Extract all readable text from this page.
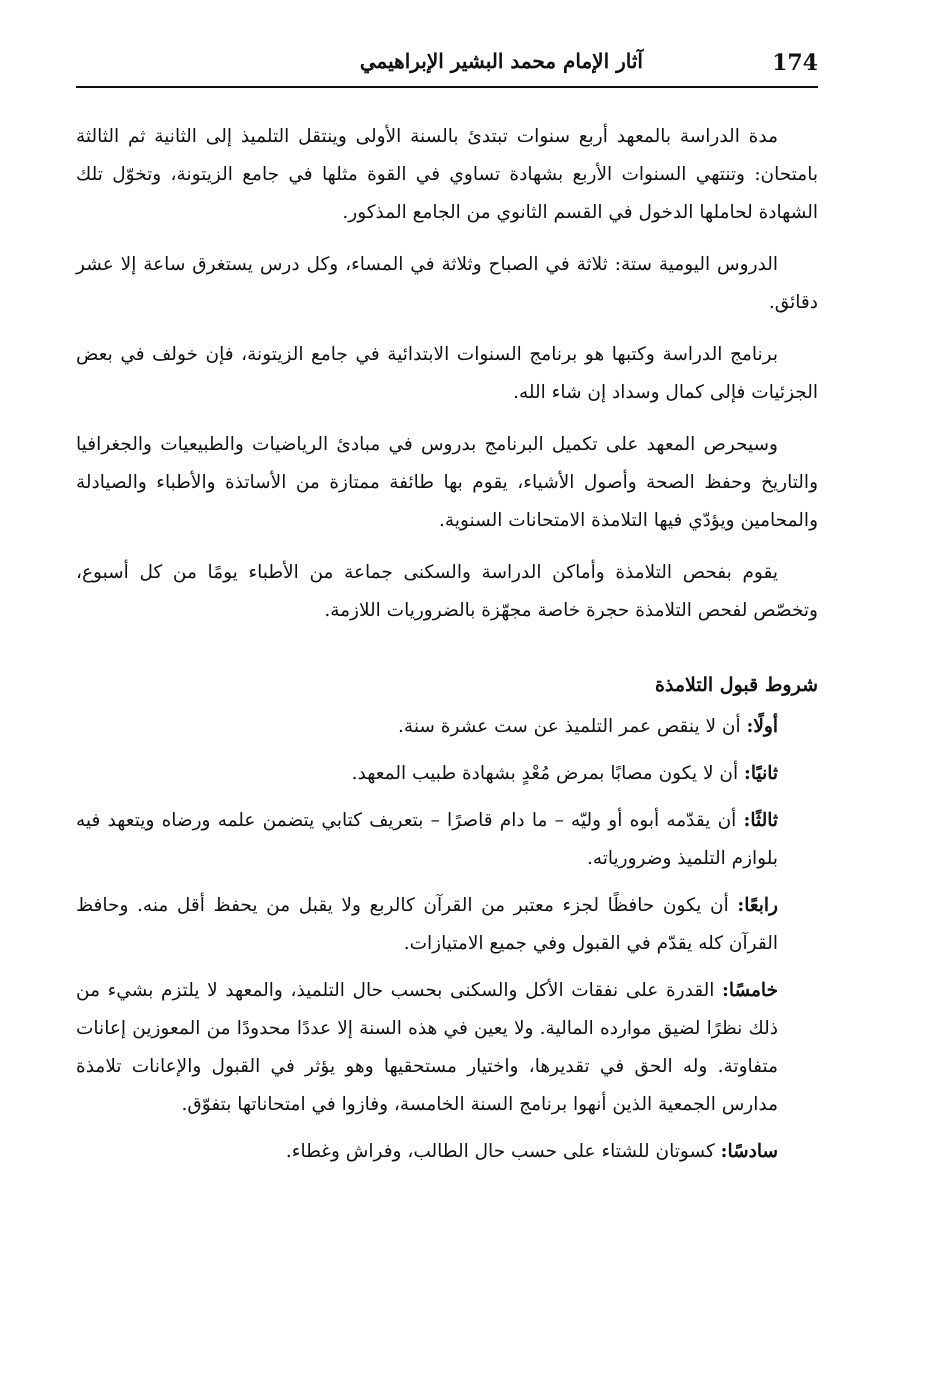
174
آثار الإمام محمد البشير الإبراهيمي

مدة الدراسة بالمعهد أربع سنوات تبتدئ بالسنة الأولى وينتقل التلميذ إلى الثانية ثم الثالثة بامتحان: وتنتهي السنوات الأربع بشهادة تساوي في القوة مثلها في جامع الزيتونة، وتخوّل تلك الشهادة لحاملها الدخول في القسم الثانوي من الجامع المذكور.

الدروس اليومية ستة: ثلاثة في الصباح وثلاثة في المساء، وكل درس يستغرق ساعة إلا عشر دقائق.

برنامج الدراسة وكتبها هو برنامج السنوات الابتدائية في جامع الزيتونة، فإن خولف في بعض الجزئيات فإلى كمال وسداد إن شاء الله.

وسيحرص المعهد على تكميل البرنامج بدروس في مبادئ الرياضيات والطبيعيات والجغرافيا والتاريخ وحفظ الصحة وأصول الأشياء، يقوم بها طائفة ممتازة من الأساتذة والأطباء والصيادلة والمحامين ويؤدّي فيها التلامذة الامتحانات السنوية.

يقوم بفحص التلامذة وأماكن الدراسة والسكنى جماعة من الأطباء يومًا من كل أسبوع، وتخصّص لفحص التلامذة حجرة خاصة مجهّزة بالضروريات اللازمة.

شروط قبول التلامذة

أولًا: أن لا ينقص عمر التلميذ عن ست عشرة سنة.

ثانيًا: أن لا يكون مصابًا بمرض مُعْدٍ بشهادة طبيب المعهد.

ثالثًا: أن يقدّمه أبوه أو وليّه – ما دام قاصرًا – بتعريف كتابي يتضمن علمه ورضاه ويتعهد فيه بلوازم التلميذ وضرورياته.

رابعًا: أن يكون حافظًا لجزء معتبر من القرآن كالربع ولا يقبل من يحفظ أقل منه. وحافظ القرآن كله يقدّم في القبول وفي جميع الامتيازات.

خامسًا: القدرة على نفقات الأكل والسكنى بحسب حال التلميذ، والمعهد لا يلتزم بشيء من ذلك نظرًا لضيق موارده المالية. ولا يعين في هذه السنة إلا عددًا محدودًا من المعوزين إعانات متفاوتة. وله الحق في تقديرها، واختيار مستحقيها وهو يؤثر في القبول والإعانات تلامذة مدارس الجمعية الذين أنهوا برنامج السنة الخامسة، وفازوا في امتحاناتها بتفوّق.

سادسًا: كسوتان للشتاء على حسب حال الطالب، وفراش وغطاء.
